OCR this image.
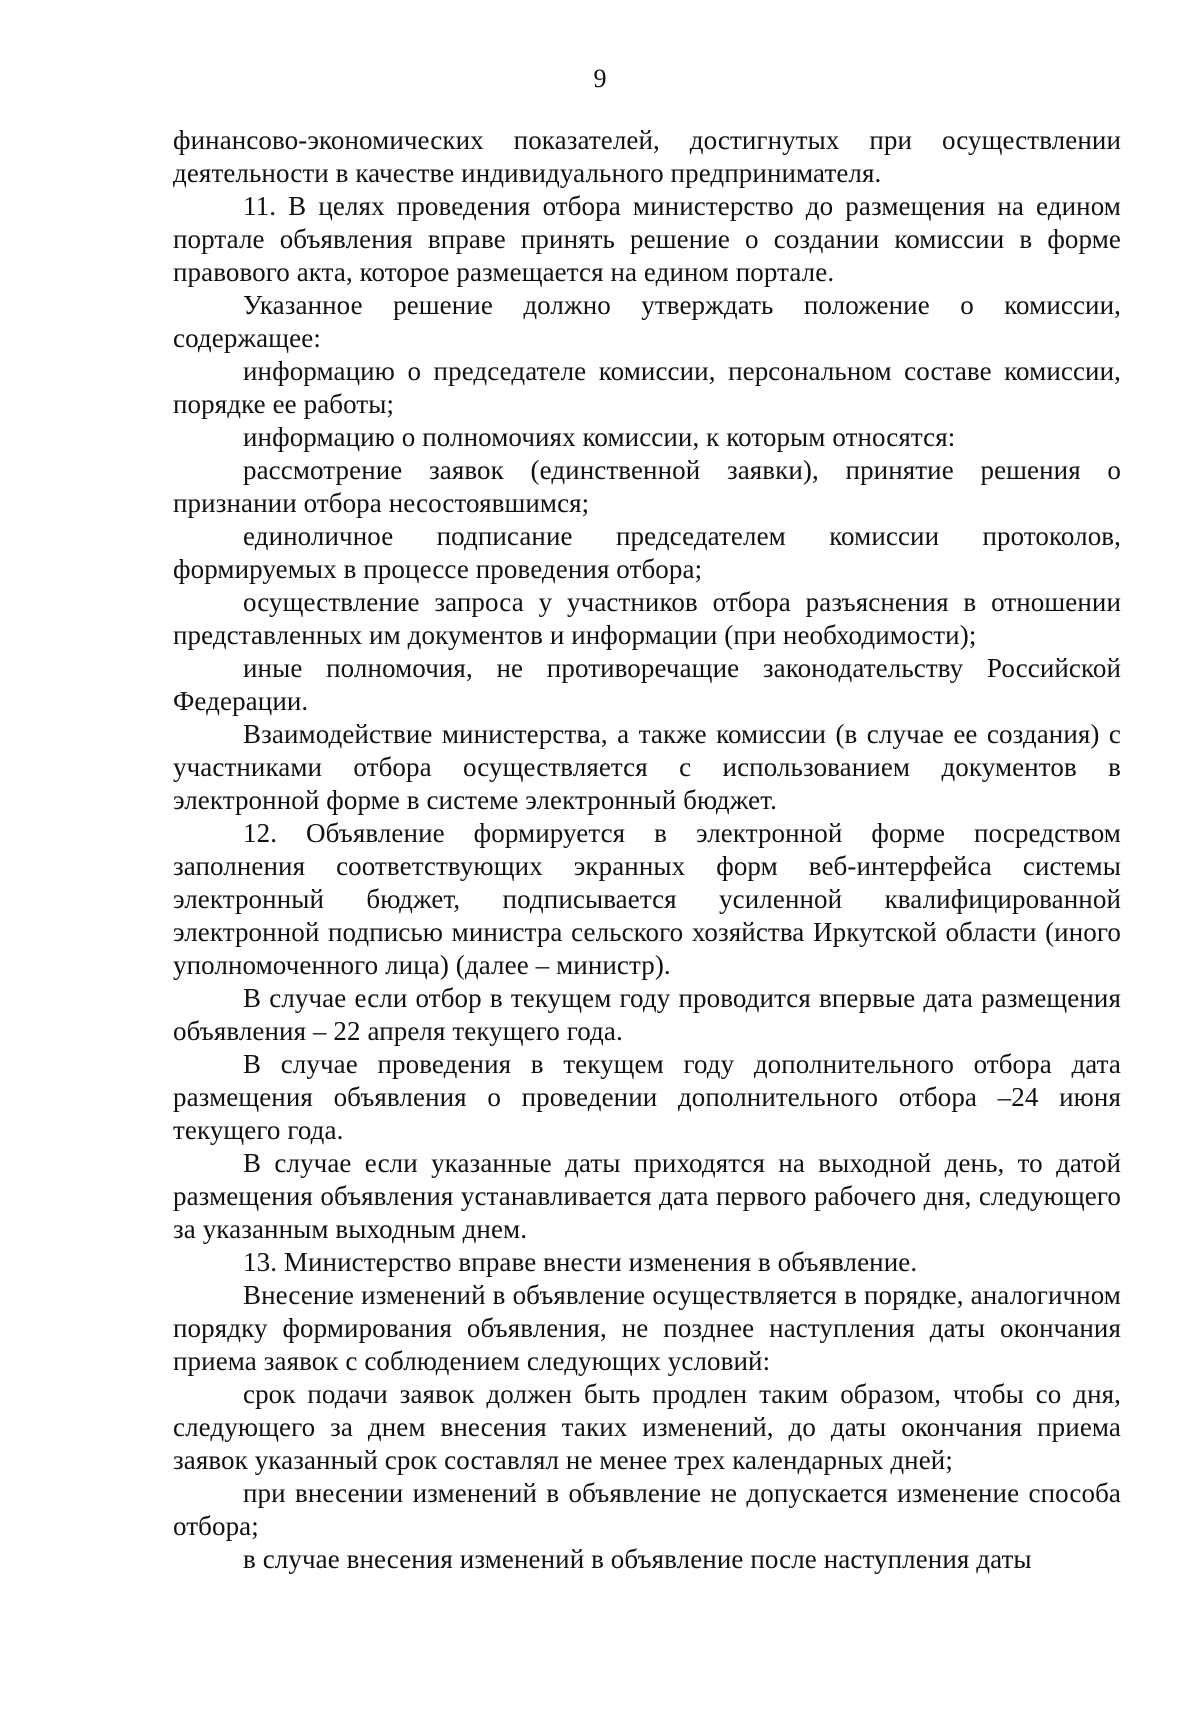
9

финансово-экономических показателей, достигнутых при осуществлении деятельности в качестве индивидуального предпринимателя.

11. В целях проведения отбора министерство до размещения на едином портале объявления вправе принять решение о создании комиссии в форме правового акта, которое размещается на едином портале.

Указанное решение должно утверждать положение о комиссии, содержащее:

информацию о председателе комиссии, персональном составе комиссии, порядке ее работы;

информацию о полномочиях комиссии, к которым относятся:

рассмотрение заявок (единственной заявки), принятие решения о признании отбора несостоявшимся;

единоличное подписание председателем комиссии протоколов, формируемых в процессе проведения отбора;

осуществление запроса у участников отбора разъяснения в отношении представленных им документов и информации (при необходимости);

иные полномочия, не противоречащие законодательству Российской Федерации.

Взаимодействие министерства, а также комиссии (в случае ее создания) с участниками отбора осуществляется с использованием документов в электронной форме в системе электронный бюджет.

12. Объявление формируется в электронной форме посредством заполнения соответствующих экранных форм веб-интерфейса системы электронный бюджет, подписывается усиленной квалифицированной электронной подписью министра сельского хозяйства Иркутской области (иного уполномоченного лица) (далее – министр).

В случае если отбор в текущем году проводится впервые дата размещения объявления – 22 апреля текущего года.

В случае проведения в текущем году дополнительного отбора дата размещения объявления о проведении дополнительного отбора –24 июня текущего года.

В случае если указанные даты приходятся на выходной день, то датой размещения объявления устанавливается дата первого рабочего дня, следующего за указанным выходным днем.

13. Министерство вправе внести изменения в объявление.

Внесение изменений в объявление осуществляется в порядке, аналогичном порядку формирования объявления, не позднее наступления даты окончания приема заявок с соблюдением следующих условий:

срок подачи заявок должен быть продлен таким образом, чтобы со дня, следующего за днем внесения таких изменений, до даты окончания приема заявок указанный срок составлял не менее трех календарных дней;

при внесении изменений в объявление не допускается изменение способа отбора;

в случае внесения изменений в объявление после наступления даты
